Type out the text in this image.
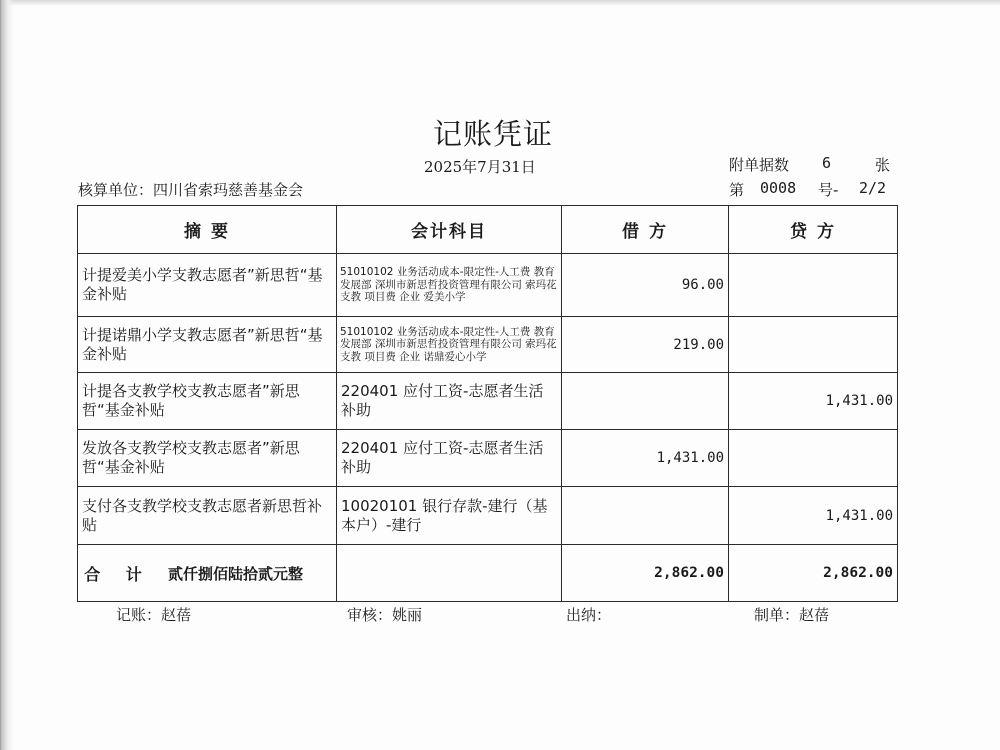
记账凭证
2025年7月31日	附单据数 6	张
核算单位：四川省索玛慈善基金会	第 0008 号- 2/2
摘 要	会计科目	借 方	贷 方
计提爱美小学支教志愿者”新思哲“基金补贴	51010102 业务活动成本-限定性-人工费 教育发展部 深圳市新思哲投资管理有限公司 索玛花支教 项目费 企业 爱美小学	96.00	
计提诺鼎小学支教志愿者”新思哲“基金补贴	51010102 业务活动成本-限定性-人工费 教育发展部 深圳市新思哲投资管理有限公司 索玛花支教 项目费 企业 诺鼎爱心小学	219.00	
计提各支教学校支教志愿者”新思哲“基金补贴	220401 应付工资-志愿者生活补助		1,431.00
发放各支教学校支教志愿者”新思哲“基金补贴	220401 应付工资-志愿者生活补助	1,431.00	
支付各支教学校支教志愿者新思哲补贴	10020101 银行存款-建行（基本户）-建行		1,431.00

合 计 贰仟捌佰陆拾贰元整		2,862.00	2,862.00
记账：赵蓓	审核：姚丽	出纳：	制单：赵蓓
